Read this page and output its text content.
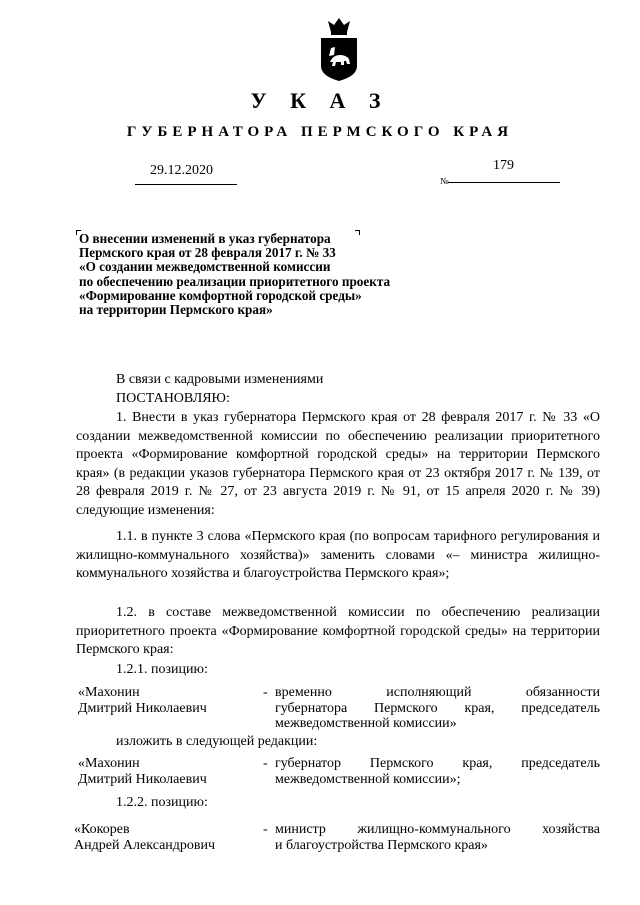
У К А З
ГУБЕРНАТОРА ПЕРМСКОГО КРАЯ
29.12.2020
№
179
О внесении изменений в указ губернатора
Пермского края от 28 февраля 2017 г. № 33
«О создании межведомственной комиссии
по обеспечению реализации приоритетного проекта
«Формирование комфортной городской среды»
на территории Пермского края»
В связи с кадровыми изменениями
ПОСТАНОВЛЯЮ:
1. Внести в указ губернатора Пермского края от 28 февраля 2017 г. № 33 «О создании межведомственной комиссии по обеспечению реализации приоритетного проекта «Формирование комфортной городской среды» на территории Пермского края» (в редакции указов губернатора Пермского края от 23 октября 2017 г. № 139, от 28 февраля 2019 г. № 27, от 23 августа 2019 г. № 91, от 15 апреля 2020 г. № 39) следующие изменения:
1.1. в пункте 3 слова «Пермского края (по вопросам тарифного регулирования и жилищно-коммунального хозяйства)» заменить словами «– министра жилищно-коммунального хозяйства и благоустройства Пермского края»;
1.2. в составе межведомственной комиссии по обеспечению реализации приоритетного проекта «Формирование комфортной городской среды» на территории Пермского края:
1.2.1. позицию:
«Махонин
Дмитрий Николаевич
- временно исполняющий обязанности
губернатора Пермского края, председатель
межведомственной комиссии»
изложить в следующей редакции:
«Махонин
Дмитрий Николаевич
- губернатор Пермского края, председатель
межведомственной комиссии»;
1.2.2. позицию:
«Кокорев
Андрей Александрович
- министр жилищно-коммунального хозяйства
и благоустройства Пермского края»
